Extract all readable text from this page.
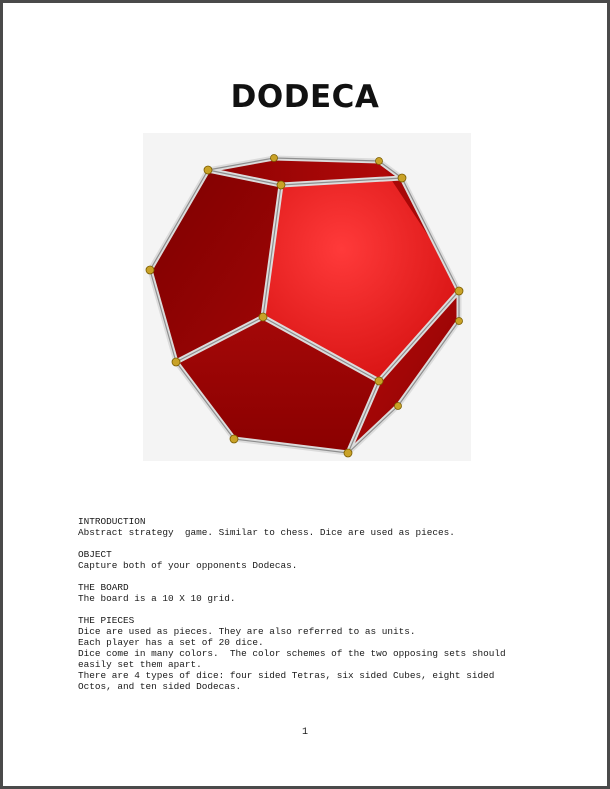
DODECA

INTRODUCTION

Abstract strategy  game. Similar to chess. Dice are used as pieces.

OBJECT

Capture both of your opponents Dodecas.

THE BOARD

The board is a 10 X 10 grid.

THE PIECES

Dice are used as pieces. They are also referred to as units.

Each player has a set of 20 dice.

Dice come in many colors.  The color schemes of the two opposing sets should

easily set them apart.

There are 4 types of dice: four sided Tetras, six sided Cubes, eight sided

Octos, and ten sided Dodecas.

1
